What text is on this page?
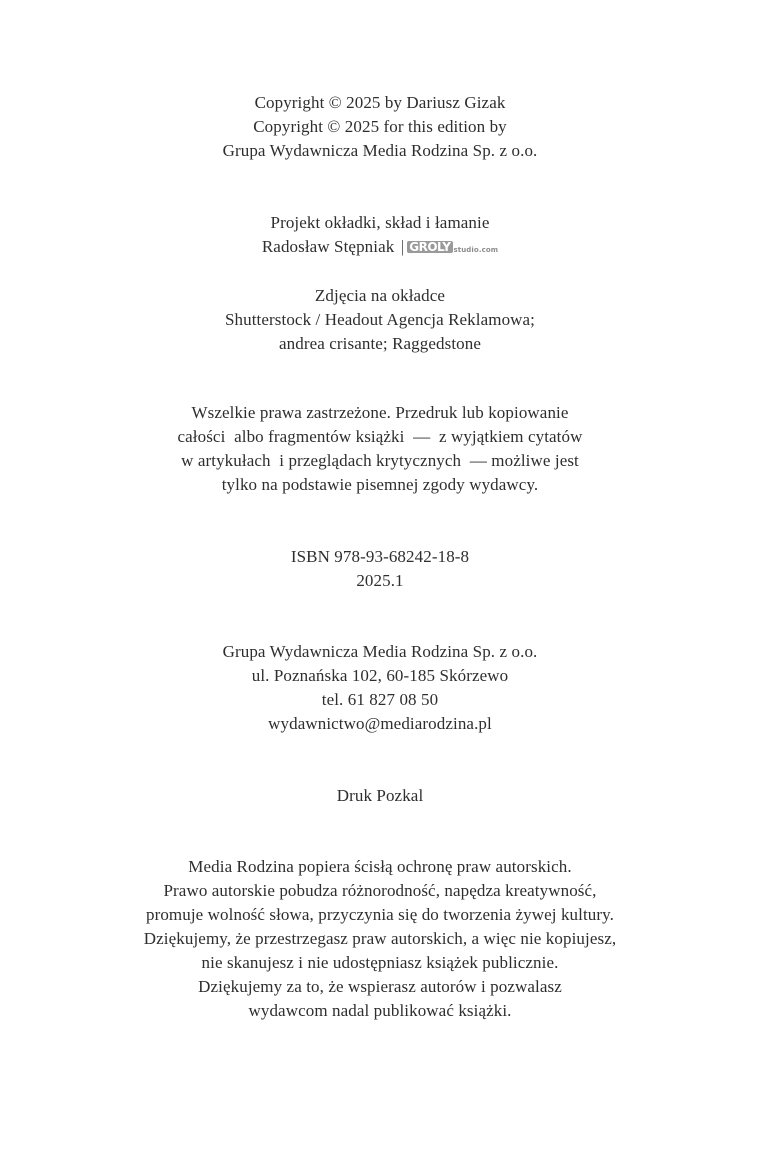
Copyright © 2025 by Dariusz Gizak
Copyright © 2025 for this edition by
Grupa Wydawnicza Media Rodzina Sp. z o.o.
Projekt okładki, skład i łamanie
Radosław Stępniak | GROLY studio.com
Zdjęcia na okładce
Shutterstock / Headout Agencja Reklamowa;
andrea crisante; Raggedstone
Wszelkie prawa zastrzeżone. Przedruk lub kopiowanie
całości  albo fragmentów książki  —  z wyjątkiem cytatów
w artykułach  i przeglądach krytycznych  — możliwe jest
tylko na podstawie pisemnej zgody wydawcy.
ISBN 978-93-68242-18-8
2025.1
Grupa Wydawnicza Media Rodzina Sp. z o.o.
ul. Poznańska 102, 60-185 Skórzewo
tel. 61 827 08 50
wydawnictwo@mediarodzina.pl
Druk Pozkal
Media Rodzina popiera ścisłą ochronę praw autorskich.
Prawo autorskie pobudza różnorodność, napędza kreatywność,
promuje wolność słowa, przyczynia się do tworzenia żywej kultury.
Dziękujemy, że przestrzegasz praw autorskich, a więc nie kopiujesz,
nie skanujesz i nie udostępniasz książek publicznie.
Dziękujemy za to, że wspierasz autorów i pozwalasz
wydawcom nadal publikować książki.
